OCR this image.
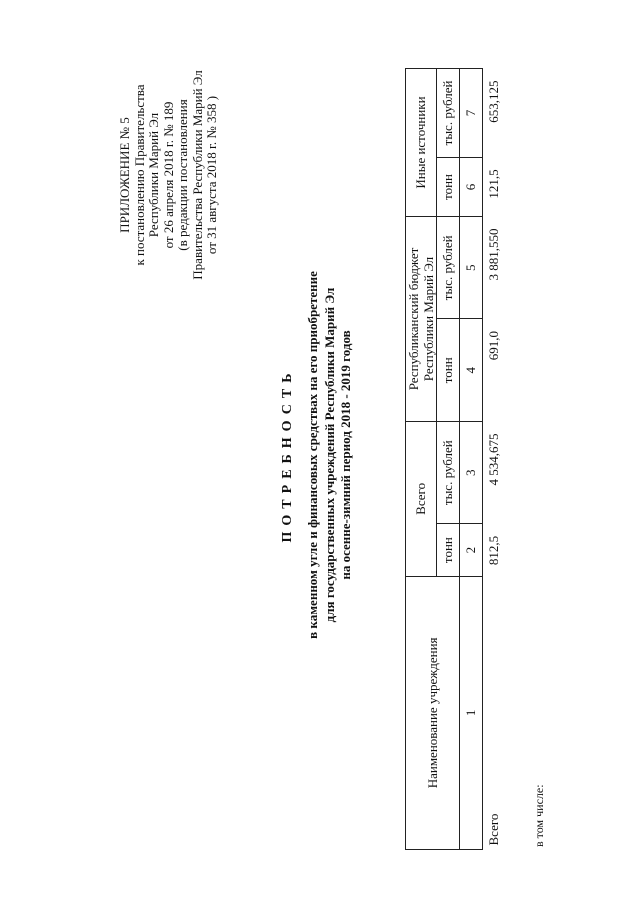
ПРИЛОЖЕНИЕ № 5 к постановлению Правительства Республики Марий Эл от 26 апреля 2018 г. № 189 (в редакции постановления Правительства Республики Марий Эл от 31 августа 2018 г. № 358 )
ПОТРЕБНОСТЬ в каменном угле и финансовых средствах на его приобретение для государственных учреждений Республики Марий Эл на осенне-зимний период 2018 - 2019 годов
Наименование учреждения	Всего		Республиканский бюджет Республики Марий Эл		Иные источники	
	тонн	тыс. рублей	тонн	тыс. рублей	тонн	тыс. рублей
1	2	3	4	5	6	7
Всего	812,5	4 534,675	691,0	3 881,550	121,5	653,125
в том числе:
